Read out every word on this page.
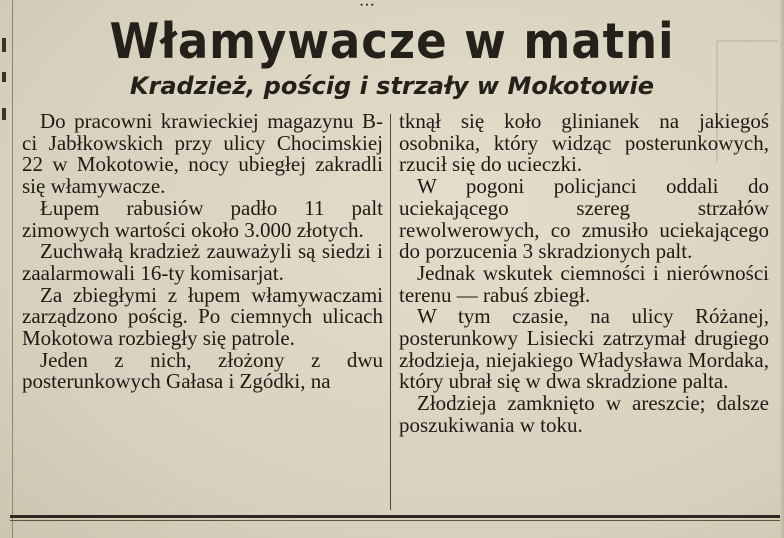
• • •
Włamywacze w matni
Kradzież, pościg i strzały w Mokotowie

Do pracowni krawieckiej magazynu B-ci Jabłkowskich przy ulicy Chocimskiej 22 w Mokotowie, nocy ubiegłej zakradli się włamywacze.

Łupem rabusiów padło 11 palt zimowych wartości około 3.000 złotych.

Zuchwałą kradzież zauważyli są siedzi i zaalarmowali 16-ty komisarjat.

Za zbiegłymi z łupem włamywaczami zarządzono pościg. Po ciemnych ulicach Mokotowa rozbiegły się patrole.

Jeden z nich, złożony z dwu posterunkowych Gałasa i Zgódki, na

tknął się koło glinianek na jakiegoś osobnika, który widząc posterunkowych, rzucił się do ucieczki.

W pogoni policjanci oddali do uciekającego szereg strzałów rewolwerowych, co zmusiło uciekającego do porzucenia 3 skradzionych palt.

Jednak wskutek ciemności i nierówności terenu — rabuś zbiegł.

W tym czasie, na ulicy Różanej, posterunkowy Lisiecki zatrzymał drugiego złodzieja, niejakiego Władysława Mordaka, który ubrał się w dwa skradzione palta.

Złodzieja zamknięto w areszcie; dalsze poszukiwania w toku.
